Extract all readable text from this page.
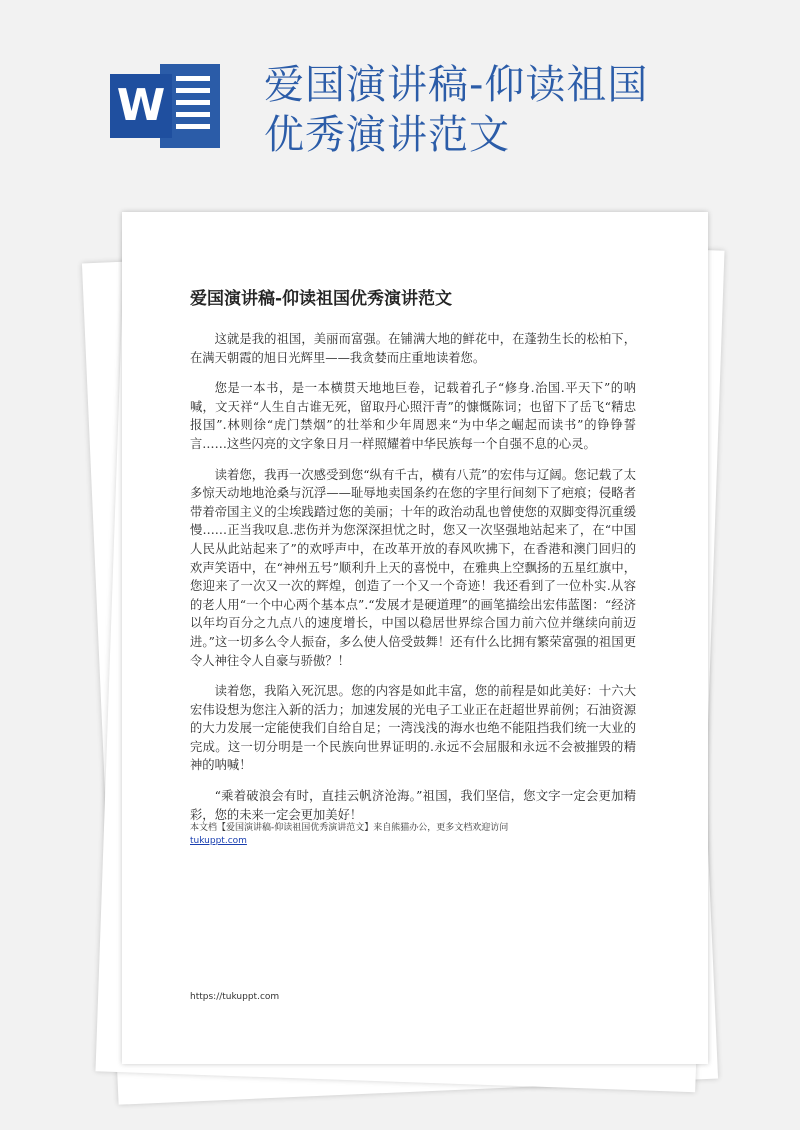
W 爱国演讲稿-仰读祖国
优秀演讲范文
爱国演讲稿-仰读祖国优秀演讲范文

这就是我的祖国，美丽而富强。在铺满大地的鲜花中，在蓬勃生长的松柏下，在满天朝霞的旭日光辉里——我贪婪而庄重地读着您。

您是一本书，是一本横贯天地地巨卷，记载着孔子“修身.治国.平天下”的呐喊，文天祥“人生自古谁无死，留取丹心照汗青”的慷慨陈词；也留下了岳飞“精忠报国”.林则徐“虎门禁烟”的壮举和少年周恩来“为中华之崛起而读书”的铮铮誓言……这些闪亮的文字象日月一样照耀着中华民族每一个自强不息的心灵。

读着您，我再一次感受到您“纵有千古，横有八荒”的宏伟与辽阔。您记载了太多惊天动地地沧桑与沉浮——耻辱地卖国条约在您的字里行间刻下了疤痕；侵略者带着帝国主义的尘埃践踏过您的美丽；十年的政治动乱也曾使您的双脚变得沉重缓慢……正当我叹息.悲伤并为您深深担忧之时，您又一次坚强地站起来了，在“中国人民从此站起来了”的欢呼声中，在改革开放的春风吹拂下，在香港和澳门回归的欢声笑语中，在“神州五号”顺利升上天的喜悦中，在雅典上空飘扬的五星红旗中，您迎来了一次又一次的辉煌，创造了一个又一个奇迹！我还看到了一位朴实.从容的老人用“一个中心两个基本点”.“发展才是硬道理”的画笔描绘出宏伟蓝图：“经济以年均百分之九点八的速度增长，中国以稳居世界综合国力前六位并继续向前迈进。”这一切多么令人振奋，多么使人倍受鼓舞！还有什么比拥有繁荣富强的祖国更令人神往令人自豪与骄傲？！

读着您，我陷入死沉思。您的内容是如此丰富，您的前程是如此美好：十六大宏伟设想为您注入新的活力；加速发展的光电子工业正在赶超世界前例；石油资源的大力发展一定能使我们自给自足；一湾浅浅的海水也绝不能阻挡我们统一大业的完成。这一切分明是一个民族向世界证明的.永远不会屈服和永远不会被摧毁的精神的呐喊！

“乘着破浪会有时，直挂云帆济沧海。”祖国，我们坚信，您文字一定会更加精彩，您的未来一定会更加美好！

本文档【爱国演讲稿-仰读祖国优秀演讲范文】来自熊猫办公，更多文档欢迎访问
tukuppt.com
https://tukuppt.com
